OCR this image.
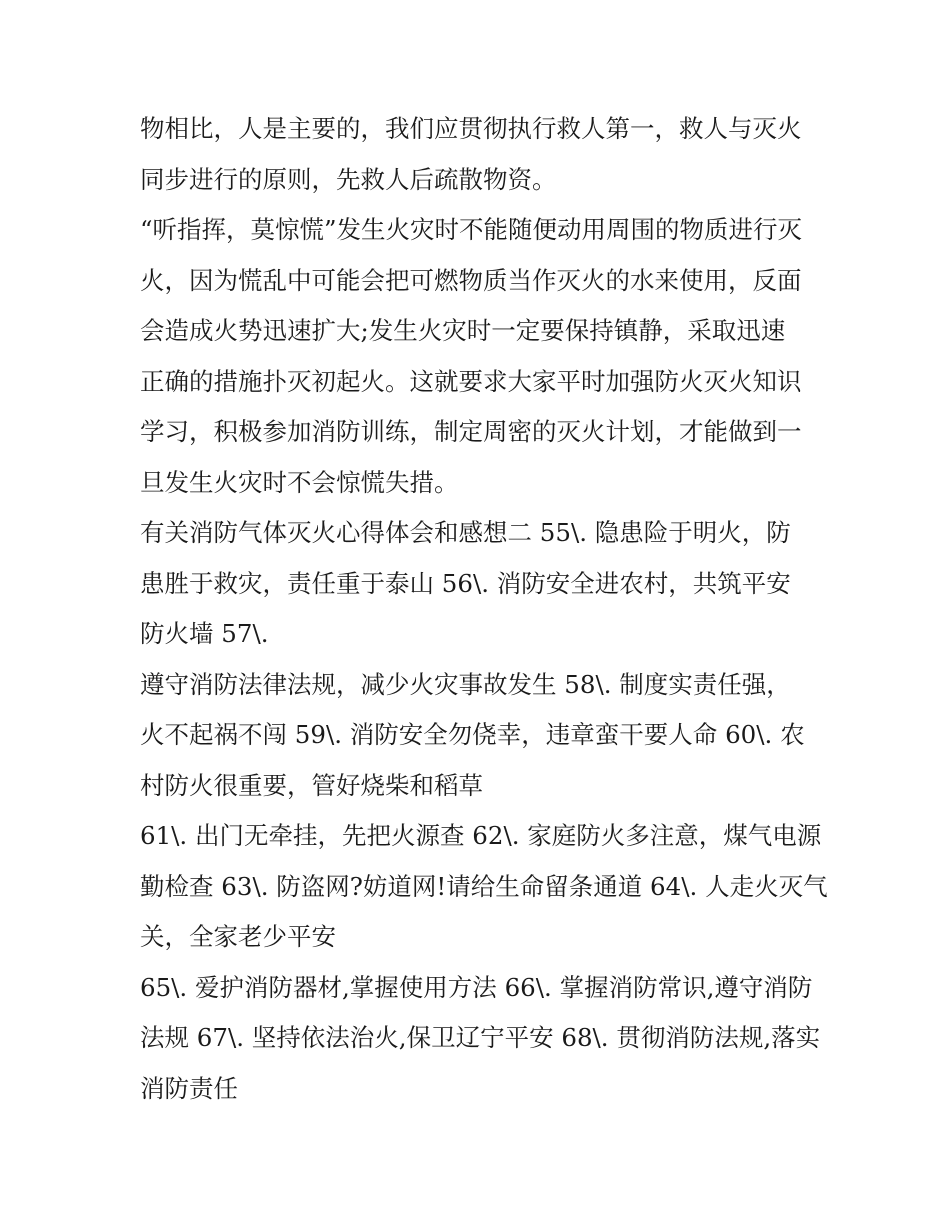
物相比，人是主要的，我们应贯彻执行救人第一，救人与灭火
同步进行的原则，先救人后疏散物资。
“听指挥，莫惊慌”发生火灾时不能随便动用周围的物质进行灭
火，因为慌乱中可能会把可燃物质当作灭火的水来使用，反面
会造成火势迅速扩大;发生火灾时一定要保持镇静，采取迅速
正确的措施扑灭初起火。这就要求大家平时加强防火灭火知识
学习，积极参加消防训练，制定周密的灭火计划，才能做到一
旦发生火灾时不会惊慌失措。
有关消防气体灭火心得体会和感想二 55\. 隐患险于明火，防
患胜于救灾，责任重于泰山 56\. 消防安全进农村，共筑平安
防火墙 57\.
遵守消防法律法规，减少火灾事故发生 58\. 制度实责任强，
火不起祸不闯 59\. 消防安全勿侥幸，违章蛮干要人命 60\. 农
村防火很重要，管好烧柴和稻草
61\. 出门无牵挂，先把火源查 62\. 家庭防火多注意，煤气电源
勤检查 63\. 防盗网?妨道网!请给生命留条通道 64\. 人走火灭气
关，全家老少平安
65\. 爱护消防器材,掌握使用方法 66\. 掌握消防常识,遵守消防
法规 67\. 坚持依法治火,保卫辽宁平安 68\. 贯彻消防法规,落实
消防责任
